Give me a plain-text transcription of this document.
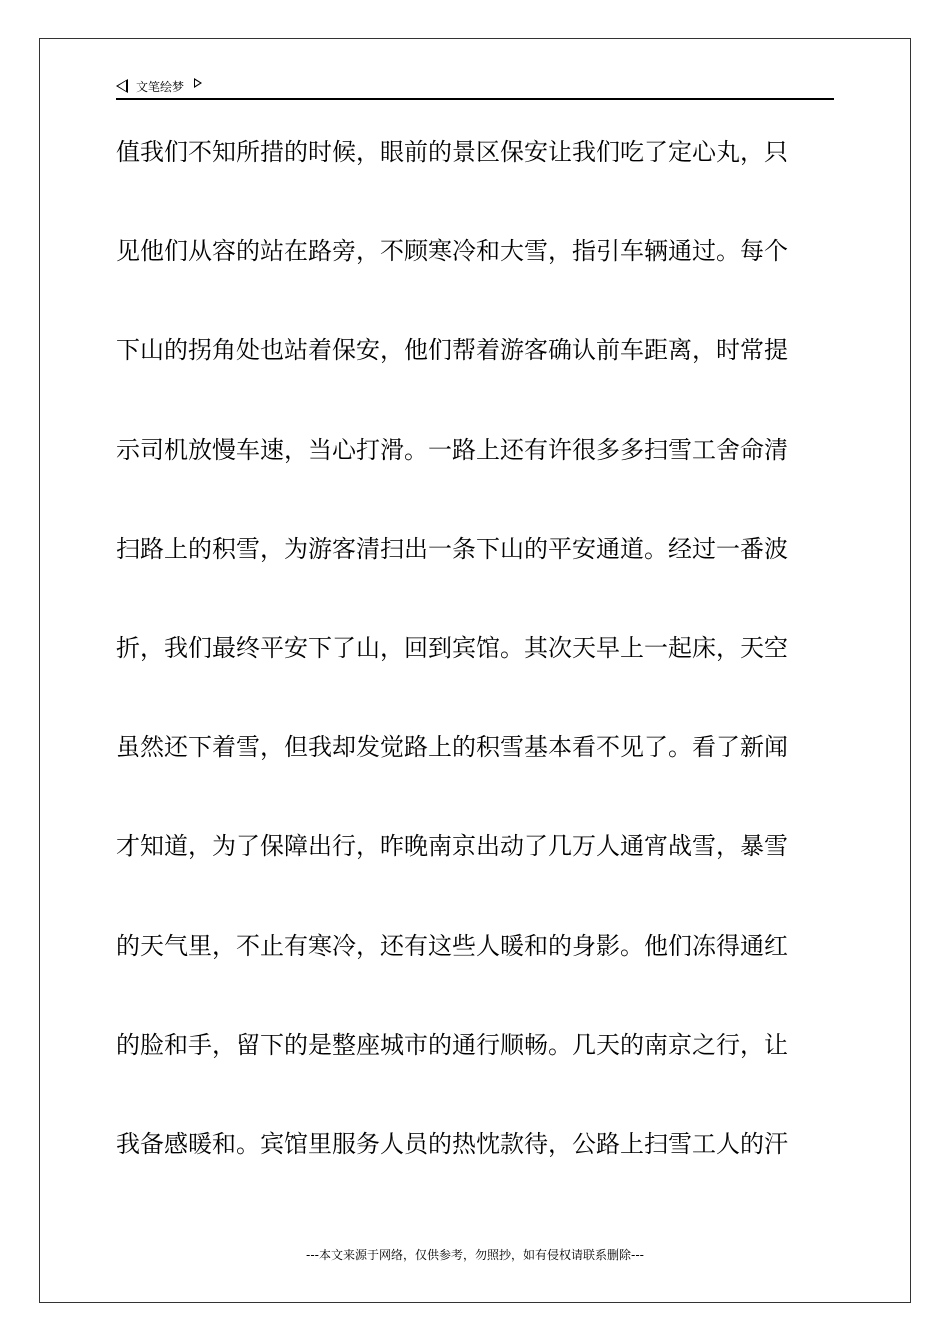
文笔绘梦
值我们不知所措的时候，眼前的景区保安让我们吃了定心丸，只
见他们从容的站在路旁，不顾寒冷和大雪，指引车辆通过。每个
下山的拐角处也站着保安，他们帮着游客确认前车距离，时常提
示司机放慢车速，当心打滑。一路上还有许很多多扫雪工舍命清
扫路上的积雪，为游客清扫出一条下山的平安通道。经过一番波
折，我们最终平安下了山，回到宾馆。其次天早上一起床，天空
虽然还下着雪，但我却发觉路上的积雪基本看不见了。看了新闻
才知道，为了保障出行，昨晚南京出动了几万人通宵战雪，暴雪
的天气里，不止有寒冷，还有这些人暖和的身影。他们冻得通红
的脸和手，留下的是整座城市的通行顺畅。几天的南京之行，让
我备感暖和。宾馆里服务人员的热忱款待，公路上扫雪工人的汗
---本文来源于网络，仅供参考，勿照抄，如有侵权请联系删除---
